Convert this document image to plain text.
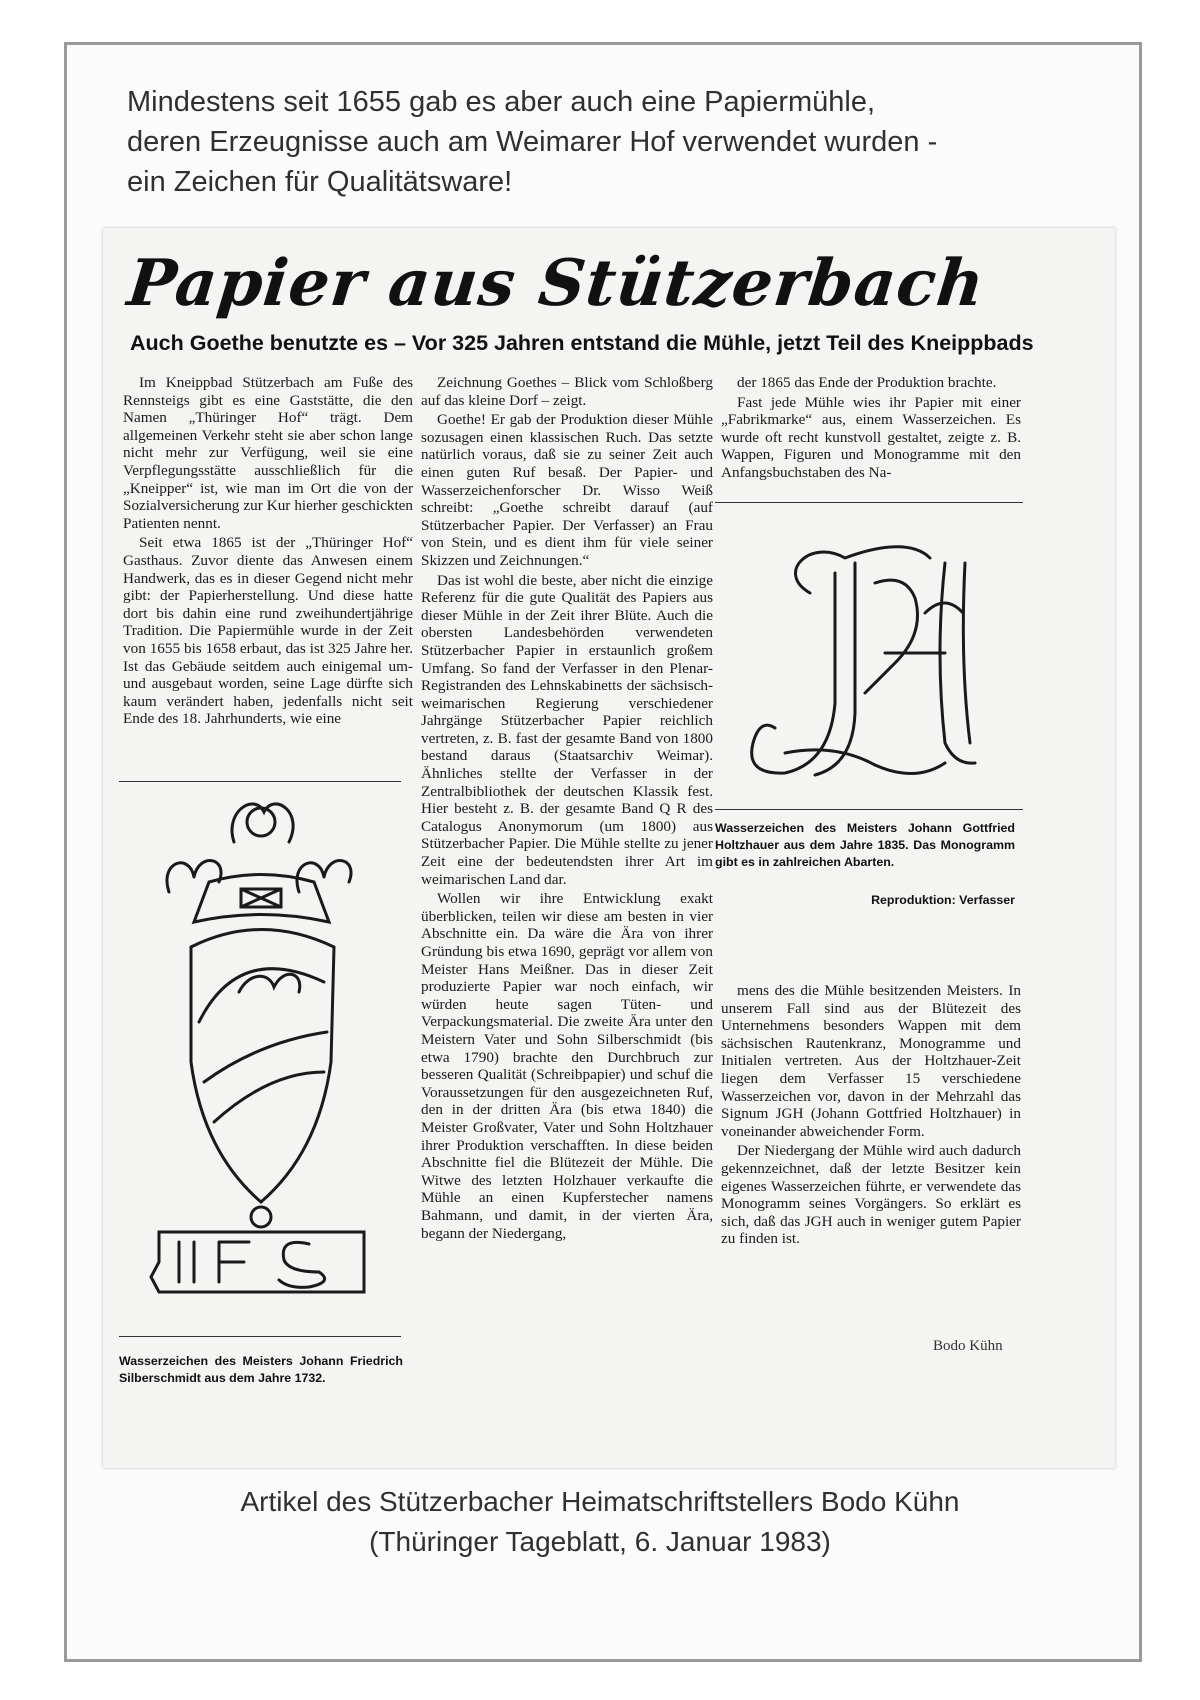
Mindestens seit 1655 gab es aber auch eine Papiermühle,
deren Erzeugnisse auch am Weimarer Hof verwendet wurden -
ein Zeichen für Qualitätsware!
Papier aus Stützerbach
Auch Goethe benutzte es – Vor 325 Jahren entstand die Mühle, jetzt Teil des Kneippbads

Im Kneippbad Stützerbach am Fuße des Rennsteigs gibt es eine Gaststätte, die den Namen „Thüringer Hof“ trägt. Dem allgemeinen Verkehr steht sie aber schon lange nicht mehr zur Verfügung, weil sie eine Verpflegungsstätte ausschließlich für die „Kneipper“ ist, wie man im Ort die von der Sozialversicherung zur Kur hierher geschickten Patienten nennt.

Seit etwa 1865 ist der „Thüringer Hof“ Gasthaus. Zuvor diente das Anwesen einem Handwerk, das es in dieser Gegend nicht mehr gibt: der Papierherstellung. Und diese hatte dort bis dahin eine rund zweihundertjährige Tradition. Die Papiermühle wurde in der Zeit von 1655 bis 1658 erbaut, das ist 325 Jahre her. Ist das Gebäude seitdem auch einigemal um- und ausgebaut worden, seine Lage dürfte sich kaum verändert haben, jedenfalls nicht seit Ende des 18. Jahrhunderts, wie eine

Wasserzeichen des Meisters Johann Friedrich Silberschmidt aus dem Jahre 1732.

Zeichnung Goethes – Blick vom Schloßberg auf das kleine Dorf – zeigt.

Goethe! Er gab der Produktion dieser Mühle sozusagen einen klassischen Ruch. Das setzte natürlich voraus, daß sie zu seiner Zeit auch einen guten Ruf besaß. Der Papier- und Wasserzeichenforscher Dr. Wisso Weiß schreibt: „Goethe schreibt darauf (auf Stützerbacher Papier. Der Verfasser) an Frau von Stein, und es dient ihm für viele seiner Skizzen und Zeichnungen.“

Das ist wohl die beste, aber nicht die einzige Referenz für die gute Qualität des Papiers aus dieser Mühle in der Zeit ihrer Blüte. Auch die obersten Landesbehörden verwendeten Stützerbacher Papier in erstaunlich großem Umfang. So fand der Verfasser in den Plenar-Registranden des Lehnskabinetts der sächsisch-weimarischen Regierung verschiedener Jahrgänge Stützerbacher Papier reichlich vertreten, z. B. fast der gesamte Band von 1800 bestand daraus (Staatsarchiv Weimar). Ähnliches stellte der Verfasser in der Zentralbibliothek der deutschen Klassik fest. Hier besteht z. B. der gesamte Band Q R des Catalogus Anonymorum (um 1800) aus Stützerbacher Papier. Die Mühle stellte zu jener Zeit eine der bedeutendsten ihrer Art im weimarischen Land dar.

Wollen wir ihre Entwicklung exakt überblicken, teilen wir diese am besten in vier Abschnitte ein. Da wäre die Ära von ihrer Gründung bis etwa 1690, geprägt vor allem von Meister Hans Meißner. Das in dieser Zeit produzierte Papier war noch einfach, wir würden heute sagen Tüten- und Verpackungsmaterial. Die zweite Ära unter den Meistern Vater und Sohn Silberschmidt (bis etwa 1790) brachte den Durchbruch zur besseren Qualität (Schreibpapier) und schuf die Voraussetzungen für den ausgezeichneten Ruf, den in der dritten Ära (bis etwa 1840) die Meister Großvater, Vater und Sohn Holtzhauer ihrer Produktion verschafften. In diese beiden Abschnitte fiel die Blütezeit der Mühle. Die Witwe des letzten Holzhauer verkaufte die Mühle an einen Kupferstecher namens Bahmann, und damit, in der vierten Ära, begann der Niedergang,

der 1865 das Ende der Produktion brachte.

Fast jede Mühle wies ihr Papier mit einer „Fabrikmarke“ aus, einem Wasserzeichen. Es wurde oft recht kunstvoll gestaltet, zeigte z. B. Wappen, Figuren und Monogramme mit den Anfangsbuchstaben des Na-

Wasserzeichen des Meisters Johann Gottfried Holtzhauer aus dem Jahre 1835. Das Monogramm gibt es in zahlreichen Abarten.
Reproduktion: Verfasser

mens des die Mühle besitzenden Meisters. In unserem Fall sind aus der Blütezeit des Unternehmens besonders Wappen mit dem sächsischen Rautenkranz, Monogramme und Initialen vertreten. Aus der Holtzhauer-Zeit liegen dem Verfasser 15 verschiedene Wasserzeichen vor, davon in der Mehrzahl das Signum JGH (Johann Gottfried Holtzhauer) in voneinander abweichender Form.

Der Niedergang der Mühle wird auch dadurch gekennzeichnet, daß der letzte Besitzer kein eigenes Wasserzeichen führte, er verwendete das Monogramm seines Vorgängers. So erklärt es sich, daß das JGH auch in weniger gutem Papier zu finden ist.

Bodo Kühn
Artikel des Stützerbacher Heimatschriftstellers Bodo Kühn
(Thüringer Tageblatt, 6. Januar 1983)
